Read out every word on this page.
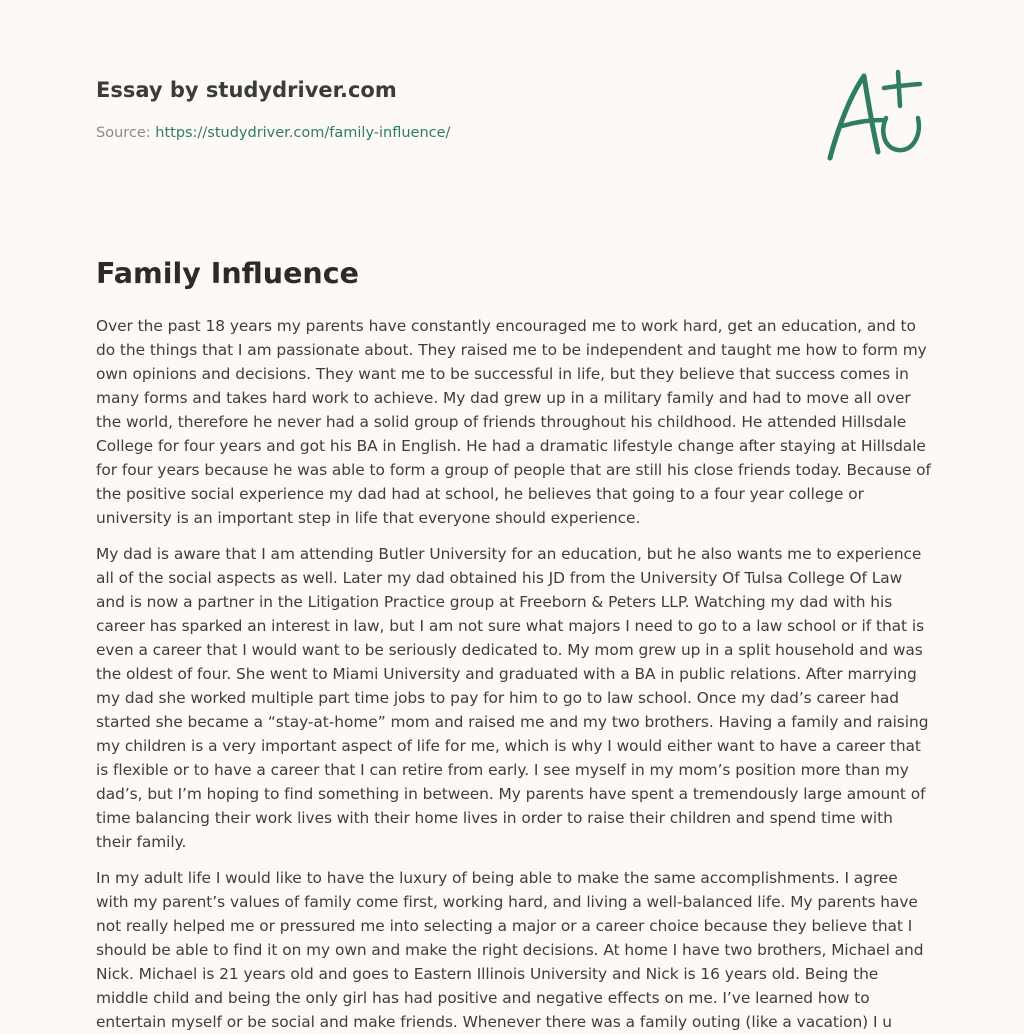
Essay by studydriver.com
Source: https://studydriver.com/family-influence/
Family Influence

Over the past 18 years my parents have constantly encouraged me to work hard, get an education, and to do the things that I am passionate about. They raised me to be independent and taught me how to form my own opinions and decisions. They want me to be successful in life, but they believe that success comes in many forms and takes hard work to achieve. My dad grew up in a military family and had to move all over the world, therefore he never had a solid group of friends throughout his childhood. He attended Hillsdale College for four years and got his BA in English. He had a dramatic lifestyle change after staying at Hillsdale for four years because he was able to form a group of people that are still his close friends today. Because of the positive social experience my dad had at school, he believes that going to a four year college or university is an important step in life that everyone should experience.

My dad is aware that I am attending Butler University for an education, but he also wants me to experience all of the social aspects as well. Later my dad obtained his JD from the University Of Tulsa College Of Law and is now a partner in the Litigation Practice group at Freeborn & Peters LLP. Watching my dad with his career has sparked an interest in law, but I am not sure what majors I need to go to a law school or if that is even a career that I would want to be seriously dedicated to. My mom grew up in a split household and was the oldest of four. She went to Miami University and graduated with a BA in public relations. After marrying my dad she worked multiple part time jobs to pay for him to go to law school. Once my dad’s career had started she became a “stay-at-home” mom and raised me and my two brothers. Having a family and raising my children is a very important aspect of life for me, which is why I would either want to have a career that is flexible or to have a career that I can retire from early. I see myself in my mom’s position more than my dad’s, but I’m hoping to find something in between. My parents have spent a tremendously large amount of time balancing their work lives with their home lives in order to raise their children and spend time with their family.

In my adult life I would like to have the luxury of being able to make the same accomplishments. I agree with my parent’s values of family come first, working hard, and living a well-balanced life. My parents have not really helped me or pressured me into selecting a major or a career choice because they believe that I should be able to find it on my own and make the right decisions. At home I have two brothers, Michael and Nick. Michael is 21 years old and goes to Eastern Illinois University and Nick is 16 years old. Being the middle child and being the only girl has had positive and negative effects on me. I’ve learned how to entertain myself or be social and make friends. Whenever there was a family outing (like a vacation) I u
